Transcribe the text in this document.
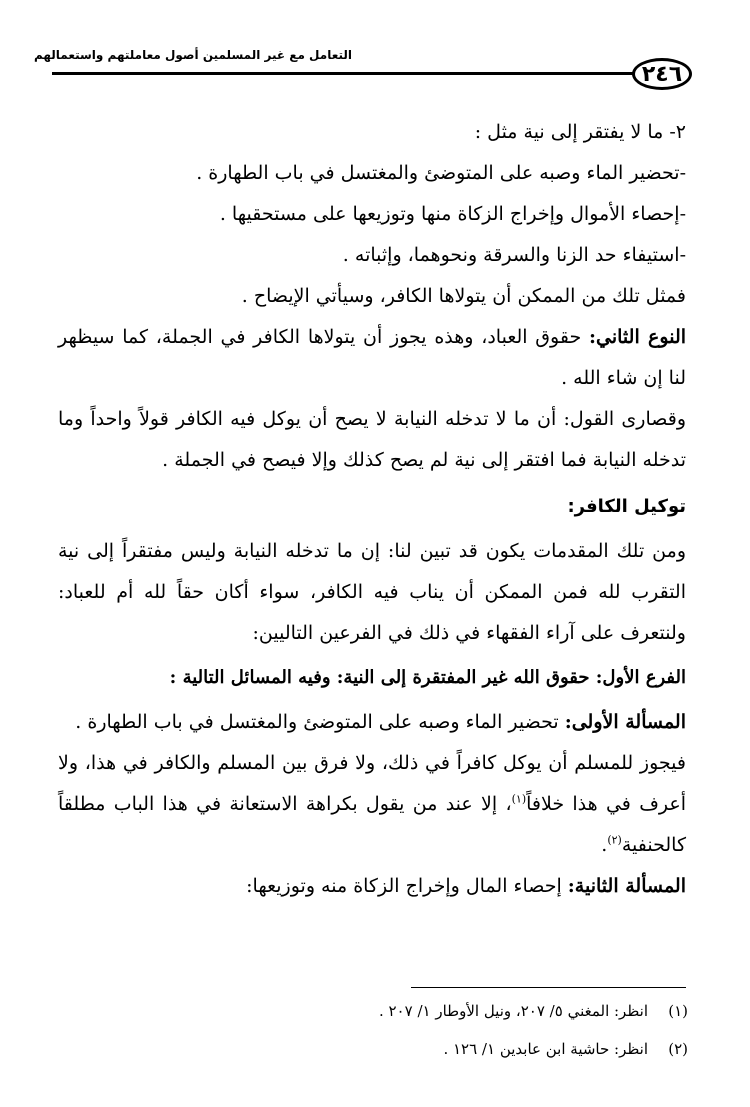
التعامل مع غير المسلمين أصول معاملتهم واستعمالهم
٢٤٦

٢- ما لا يفتقر إلى نية مثل :

-تحضير الماء وصبه على المتوضئ والمغتسل في باب الطهارة .

-إحصاء الأموال وإخراج الزكاة منها وتوزيعها على مستحقيها .

-استيفاء حد الزنا والسرقة ونحوهما، وإثباته .

فمثل تلك من الممكن أن يتولاها الكافر، وسيأتي الإيضاح .

النوع الثاني: حقوق العباد، وهذه يجوز أن يتولاها الكافر في الجملة، كما سيظهر لنا إن شاء الله .

وقصارى القول: أن ما لا تدخله النيابة لا يصح أن يوكل فيه الكافر قولاً واحداً وما تدخله النيابة فما افتقر إلى نية لم يصح كذلك وإلا فيصح في الجملة .

توكيل الكافر:

ومن تلك المقدمات يكون قد تبين لنا: إن ما تدخله النيابة وليس مفتقراً إلى نية التقرب لله فمن الممكن أن يناب فيه الكافر، سواء أكان حقاً لله أم للعباد: ولنتعرف على آراء الفقهاء في ذلك في الفرعين التاليين:

الفرع الأول: حقوق الله غير المفتقرة إلى النية: وفيه المسائل التالية :

المسألة الأولى: تحضير الماء وصبه على المتوضئ والمغتسل في باب الطهارة .

فيجوز للمسلم أن يوكل كافراً في ذلك، ولا فرق بين المسلم والكافر في هذا، ولا أعرف في هذا خلافاً$^{(١)}$، إلا عند من يقول بكراهة الاستعانة في هذا الباب مطلقاً كالحنفية$^{(٢)}$.

المسألة الثانية: إحصاء المال وإخراج الزكاة منه وتوزيعها:

(١)انظر: المغني ٥/ ٢٠٧، ونيل الأوطار ١/ ٢٠٧ .

(٢)انظر: حاشية ابن عابدين ١/ ١٢٦ .
